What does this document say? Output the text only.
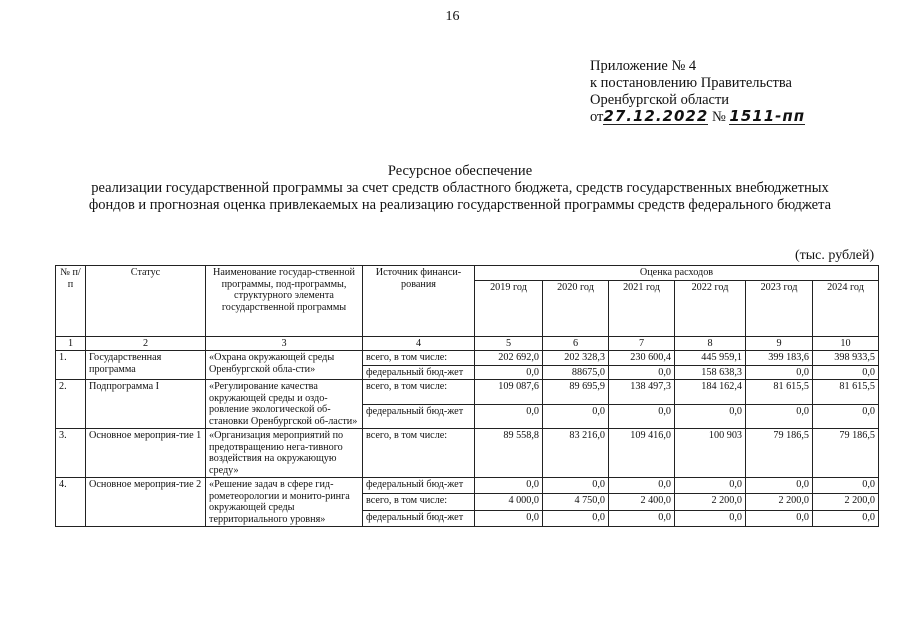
16
Приложение № 4
к постановлению Правительства
Оренбургской области
от27.12.2022 № 1511-пп
Ресурсное обеспечение
реализации государственной программы за счет средств областного бюджета, средств государственных внебюджетных
фондов и прогнозная оценка привлекаемых на реализацию государственной программы средств федерального бюджета
(тыс. рублей)
№ п/п	Статус	Наименование государ-ственной программы, под-программы, структурного элемента государственной программы	Источник финанси-рования	Оценка расходов					
				2019 год	2020 год	2021 год	2022 год	2023 год	2024 год
1	2	3	4	5	6	7	8	9	10
1.	Государственная программа	«Охрана окружающей среды Оренбургской обла-сти»	всего, в том числе:	202 692,0	202 328,3	230 600,4	445 959,1	399 183,6	398 933,5
			федеральный бюд-жет	0,0	88675,0	0,0	158 638,3	0,0	0,0
2.	Подпрограмма I	«Регулирование качества окружающей среды и оздо-ровление экологической об-становки Оренбургской об-ласти»	всего, в том числе:	109 087,6	89 695,9	138 497,3	184 162,4	81 615,5	81 615,5
			федеральный бюд-жет	0,0	0,0	0,0	0,0	0,0	0,0
3.	Основное мероприя-тие 1	«Организация мероприятий по предотвращению нега-тивного воздействия на окружающую среду»	всего, в том числе:	89 558,8	83 216,0	109 416,0	100 903	79 186,5	79 186,5
4.	Основное мероприя-тие 2	«Решение задач в сфере гид-рометеорологии и монито-ринга окружающей среды территориального уровня»	федеральный бюд-жет	0,0	0,0	0,0	0,0	0,0	0,0
			всего, в том числе:	4 000,0	4 750,0	2 400,0	2 200,0	2 200,0	2 200,0
			федеральный бюд-жет	0,0	0,0	0,0	0,0	0,0	0,0
